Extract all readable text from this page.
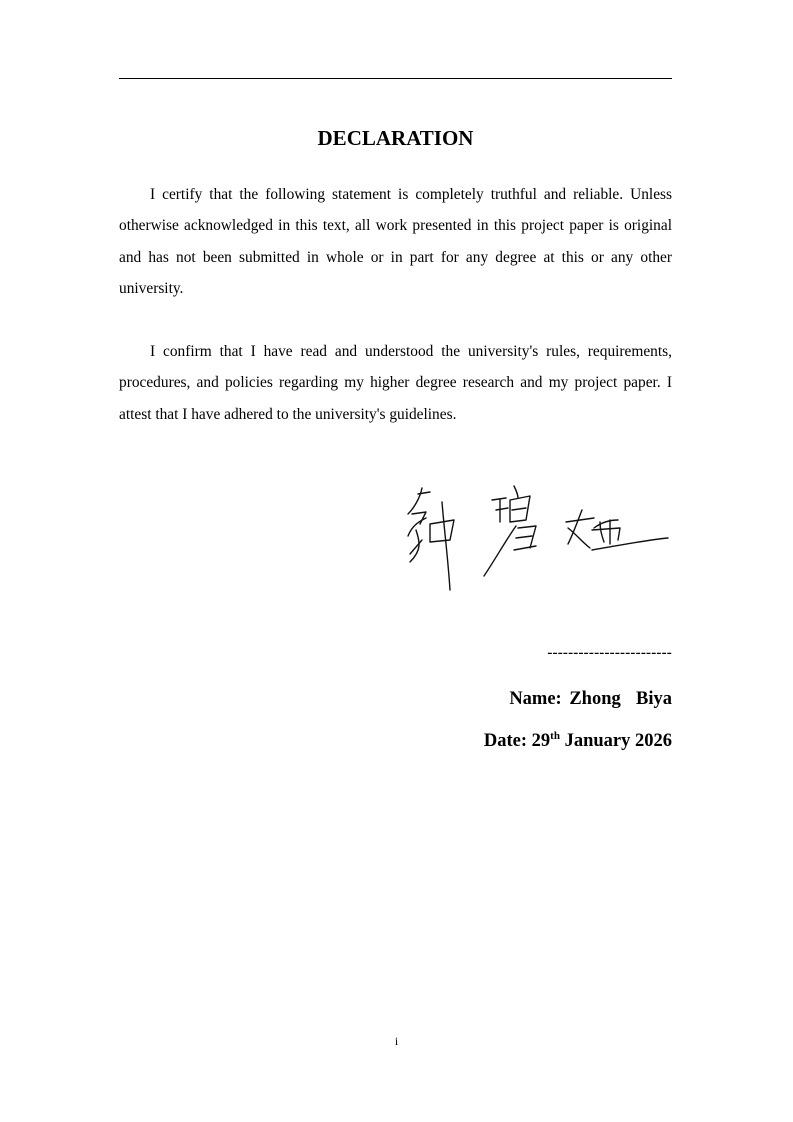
DECLARATION

I certify that the following statement is completely truthful and reliable. Unless otherwise acknowledged in this text, all work presented in this project paper is original and has not been submitted in whole or in part for any degree at this or any other university.

I confirm that I have read and understood the university's rules, requirements, procedures, and policies regarding my higher degree research and my project paper. I attest that I have adhered to the university's guidelines.

------------------------
Name: Zhong  Biya
Date: 29th January 2026
i
